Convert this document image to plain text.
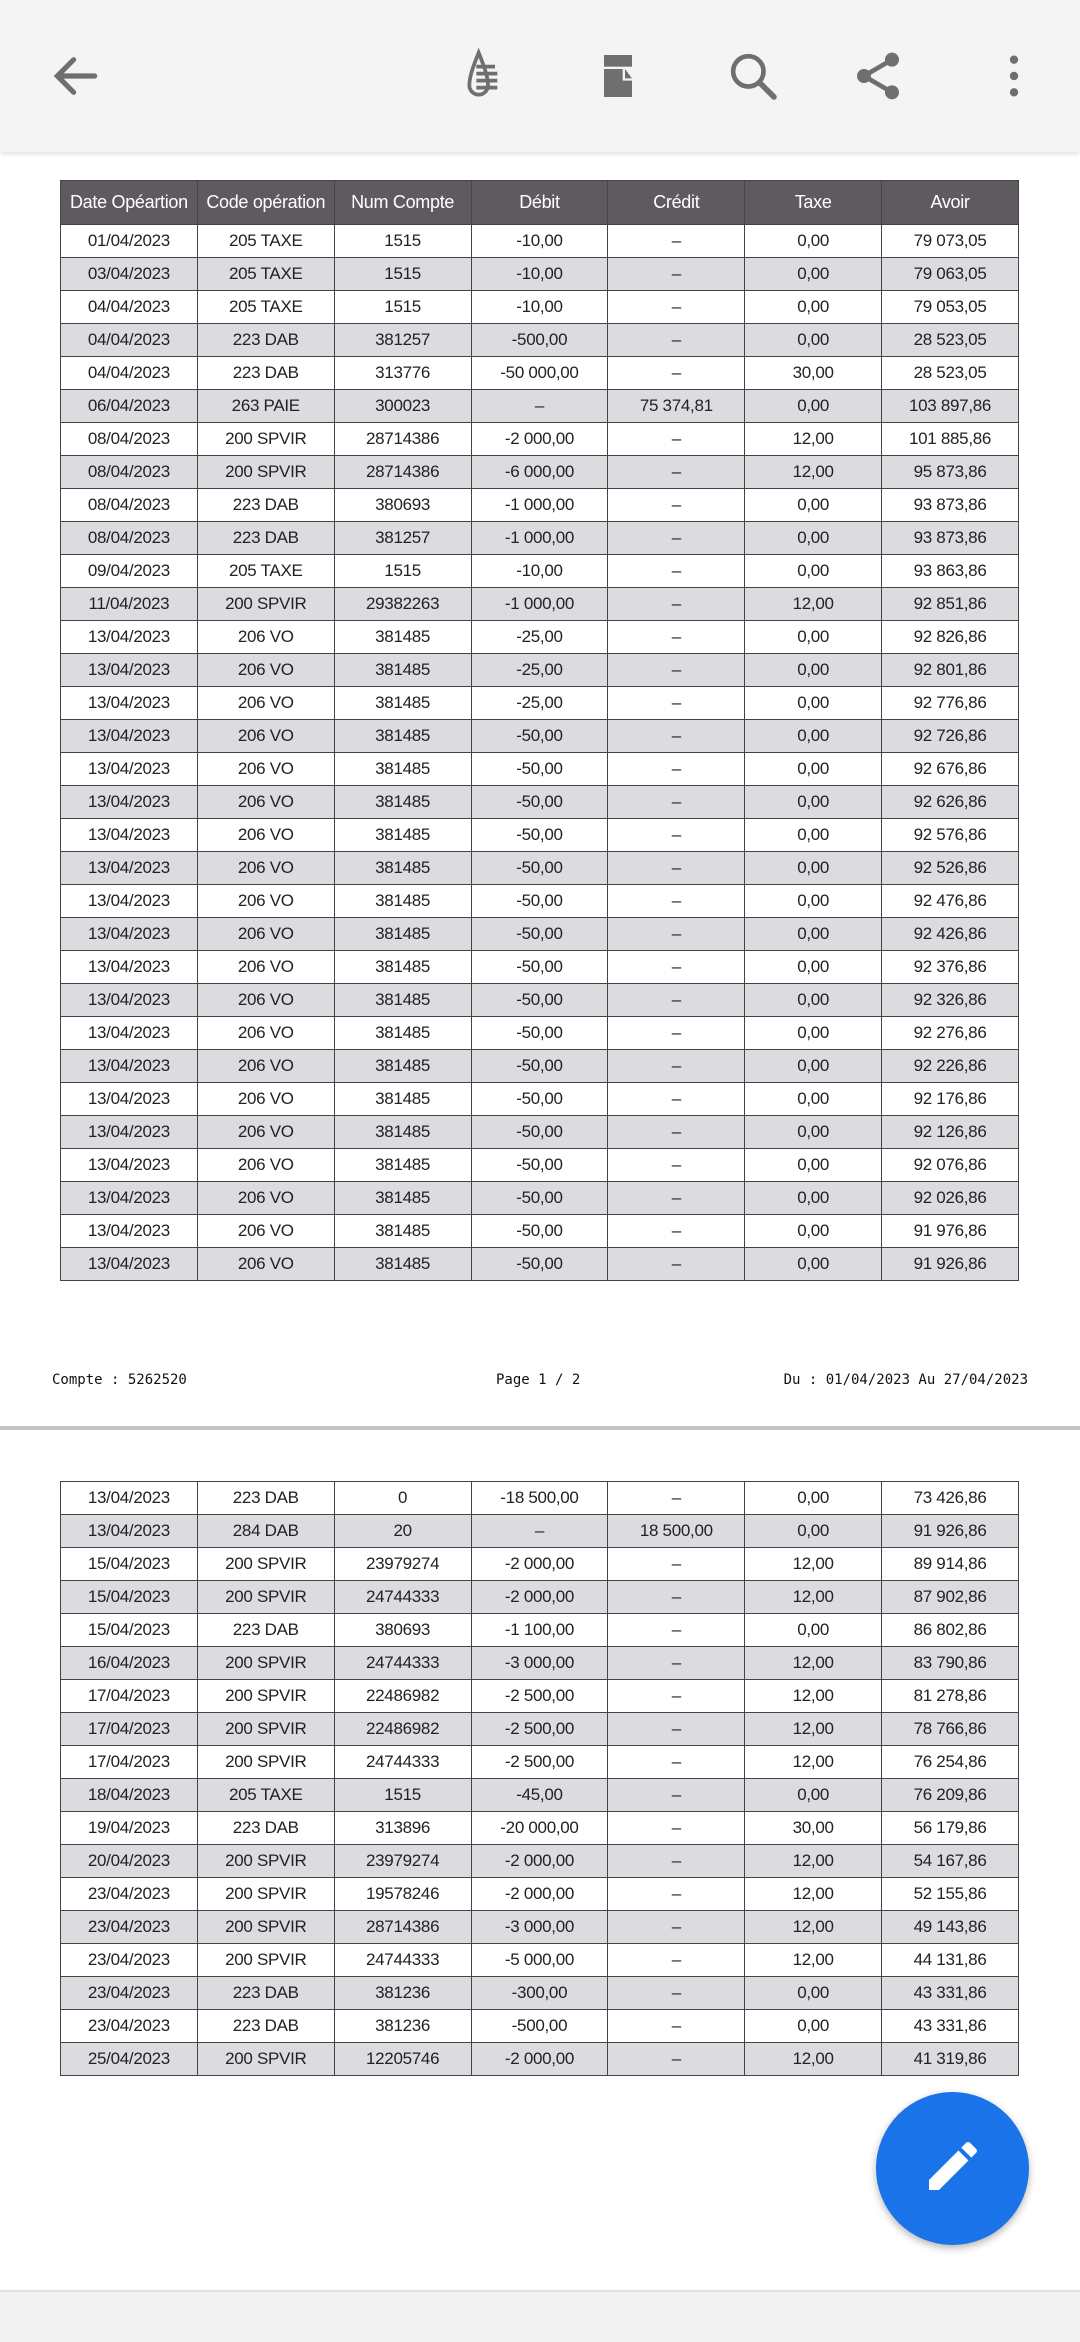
Date Opéartion	Code opération	Num Compte	Débit	Crédit	Taxe	Avoir
01/04/2023	205 TAXE	1515	-10,00	–	0,00	79 073,05
03/04/2023	205 TAXE	1515	-10,00	–	0,00	79 063,05
04/04/2023	205 TAXE	1515	-10,00	–	0,00	79 053,05
04/04/2023	223 DAB	381257	-500,00	–	0,00	28 523,05
04/04/2023	223 DAB	313776	-50 000,00	–	30,00	28 523,05
06/04/2023	263 PAIE	300023	–	75 374,81	0,00	103 897,86
08/04/2023	200 SPVIR	28714386	-2 000,00	–	12,00	101 885,86
08/04/2023	200 SPVIR	28714386	-6 000,00	–	12,00	95 873,86
08/04/2023	223 DAB	380693	-1 000,00	–	0,00	93 873,86
08/04/2023	223 DAB	381257	-1 000,00	–	0,00	93 873,86
09/04/2023	205 TAXE	1515	-10,00	–	0,00	93 863,86
11/04/2023	200 SPVIR	29382263	-1 000,00	–	12,00	92 851,86
13/04/2023	206 VO	381485	-25,00	–	0,00	92 826,86
13/04/2023	206 VO	381485	-25,00	–	0,00	92 801,86
13/04/2023	206 VO	381485	-25,00	–	0,00	92 776,86
13/04/2023	206 VO	381485	-50,00	–	0,00	92 726,86
13/04/2023	206 VO	381485	-50,00	–	0,00	92 676,86
13/04/2023	206 VO	381485	-50,00	–	0,00	92 626,86
13/04/2023	206 VO	381485	-50,00	–	0,00	92 576,86
13/04/2023	206 VO	381485	-50,00	–	0,00	92 526,86
13/04/2023	206 VO	381485	-50,00	–	0,00	92 476,86
13/04/2023	206 VO	381485	-50,00	–	0,00	92 426,86
13/04/2023	206 VO	381485	-50,00	–	0,00	92 376,86
13/04/2023	206 VO	381485	-50,00	–	0,00	92 326,86
13/04/2023	206 VO	381485	-50,00	–	0,00	92 276,86
13/04/2023	206 VO	381485	-50,00	–	0,00	92 226,86
13/04/2023	206 VO	381485	-50,00	–	0,00	92 176,86
13/04/2023	206 VO	381485	-50,00	–	0,00	92 126,86
13/04/2023	206 VO	381485	-50,00	–	0,00	92 076,86
13/04/2023	206 VO	381485	-50,00	–	0,00	92 026,86
13/04/2023	206 VO	381485	-50,00	–	0,00	91 976,86
13/04/2023	206 VO	381485	-50,00	–	0,00	91 926,86
Compte : 5262520	Page 1 / 2	Du : 01/04/2023 Au 27/04/2023
13/04/2023	223 DAB	0	-18 500,00	–	0,00	73 426,86
13/04/2023	284 DAB	20	–	18 500,00	0,00	91 926,86
15/04/2023	200 SPVIR	23979274	-2 000,00	–	12,00	89 914,86
15/04/2023	200 SPVIR	24744333	-2 000,00	–	12,00	87 902,86
15/04/2023	223 DAB	380693	-1 100,00	–	0,00	86 802,86
16/04/2023	200 SPVIR	24744333	-3 000,00	–	12,00	83 790,86
17/04/2023	200 SPVIR	22486982	-2 500,00	–	12,00	81 278,86
17/04/2023	200 SPVIR	22486982	-2 500,00	–	12,00	78 766,86
17/04/2023	200 SPVIR	24744333	-2 500,00	–	12,00	76 254,86
18/04/2023	205 TAXE	1515	-45,00	–	0,00	76 209,86
19/04/2023	223 DAB	313896	-20 000,00	–	30,00	56 179,86
20/04/2023	200 SPVIR	23979274	-2 000,00	–	12,00	54 167,86
23/04/2023	200 SPVIR	19578246	-2 000,00	–	12,00	52 155,86
23/04/2023	200 SPVIR	28714386	-3 000,00	–	12,00	49 143,86
23/04/2023	200 SPVIR	24744333	-5 000,00	–	12,00	44 131,86
23/04/2023	223 DAB	381236	-300,00	–	0,00	43 331,86
23/04/2023	223 DAB	381236	-500,00	–	0,00	43 331,86
25/04/2023	200 SPVIR	12205746	-2 000,00	–	12,00	41 319,86
